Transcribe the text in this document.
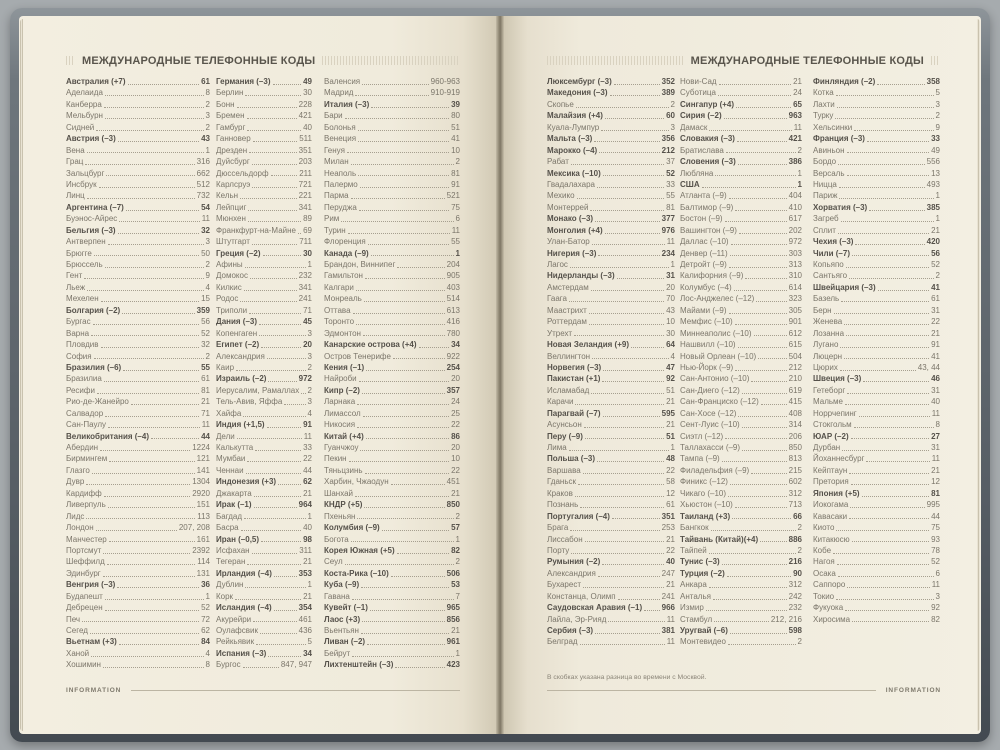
МЕЖДУНАРОДНЫЕ ТЕЛЕФОННЫЕ КОДЫ
Австралия (+7)	61
Аделаида	8
Канберра	2
Мельбурн	3
Сидней	2
Австрия (–3)	43
Вена	1
Грац	316
Зальцбург	662
Инсбрук	512
Линц	732
Аргентина (–7)	54
Буэнос-Айрес	11
Бельгия (–3)	32
Антверпен	3
Брюгге	50
Брюссель	2
Гент	9
Льеж	4
Мехелен	15
Болгария (–2)	359
Бургас	56
Варна	52
Пловдив	32
София	2
Бразилия (–6)	55
Бразилиа	61
Ресифи	81
Рио-де-Жанейро	21
Салвадор	71
Сан-Паулу	11
Великобритания (–4)	44
Абердин	1224
Бирмингем	121
Глазго	141
Дувр	1304
Кардифф	2920
Ливерпуль	151
Лидс	113
Лондон	207, 208
Манчестер	161
Портсмут	2392
Шеффилд	114
Эдинбург	131
Венгрия (–3)	36
Будапешт	1
Дебрецен	52
Печ	72
Сегед	62
Вьетнам (+3)	84
Ханой	4
Хошимин	8
Германия (–3)	49
Берлин	30
Бонн	228
Бремен	421
Гамбург	40
Ганновер	511
Дрезден	351
Дуйсбург	203
Дюссельдорф	211
Карлсруэ	721
Кельн	221
Лейпциг	341
Мюнхен	89
Франкфурт-на-Майне 69
Штутгарт	711
Греция (–2)	30
Афины	1
Домокос	232
Килкис	341
Родос	241
Триполи	71
Дания (–3)	45
Копенгаген	3
Египет (–2)	20
Александрия	3
Каир	2
Израиль (–2)	972
Иерусалим, Рамаллах 2
Тель-Авив, Яффа	3
Хайфа	4
Индия (+1,5)	91
Дели	11
Калькутта	33
Мумбаи	22
Ченнаи	44
Индонезия (+3)	62
Джакарта	21
Ирак (–1)	964
Багдад	1
Басра	40
Иран (–0,5)	98
Исфахан	311
Тегеран	21
Ирландия (–4)	353
Дублин	1
Корк	21
Исландия (–4)	354
Акурейри	461
Оулафсвик	436
Рейкьявик	5
Испания (–3)	34
Бургос	847, 947
Валенсия	960-963
Мадрид	910-919
Италия (–3)	39
Бари	80
Болонья	51
Венеция	41
Генуя	10
Милан	2
Неаполь	81
Палермо	91
Парма	521
Перуджа	75
Рим	6
Турин	11
Флоренция	55
Канада (–9)	1
Брандон, Виннипег	204
Гамильтон	905
Калгари	403
Монреаль	514
Оттава	613
Торонто	416
Эдмонтон	780
Канарские острова (+4)	34
Остров Тенерифе	922
Кения (–1)	254
Найроби	20
Кипр (–2)	357
Ларнака	24
Лимассол	25
Никосия	22
Китай (+4)	86
Гуанчжоу	20
Пекин	10
Тяньцзинь	22
Харбин, Чжаодун	451
Шанхай	21
КНДР (+5)	850
Пхеньян	2
Колумбия (–9)	57
Богота	1
Корея Южная (+5)	82
Сеул	2
Коста-Рика (–10)	506
Куба (–9)	53
Гавана	7
Кувейт (–1)	965
Лаос (+3)	856
Вьентьян	21
Ливан (–2)	961
Бейрут	1
Лихтенштейн (–3)	423
INFORMATION
МЕЖДУНАРОДНЫЕ ТЕЛЕФОННЫЕ КОДЫ
Люксембург (–3)	352
Македония (–3)	389
Скопье	2
Малайзия (+4)	60
Куала-Лумпур	3
Мальта (–3)	356
Марокко (–4)	212
Рабат	37
Мексика (–10)	52
Гвадалахара	33
Мехико	55
Монтеррей	81
Монако (–3)	377
Монголия (+4)	976
Улан-Батор	11
Нигерия (–3)	234
Лагос	1
Нидерланды (–3)	31
Амстердам	20
Гаага	70
Маастрихт	43
Роттердам	10
Утрехт	30
Новая Зеландия (+9)	64
Веллингтон	4
Норвегия (–3)	47
Пакистан (+1)	92
Исламабад	51
Карачи	21
Парагвай (–7)	595
Асунсьон	21
Перу (–9)	51
Лима	1
Польша (–3)	48
Варшава	22
Гданьск	58
Краков	12
Познань	61
Португалия (–4)	351
Брага	253
Лиссабон	21
Порту	22
Румыния (–2)	40
Александрия	247
Бухарест	21
Констанца, Олимп	241
Саудовская Аравия (–1) 966
Лайла, Эр-Рияд	11
Сербия (–3)	381
Белград	11
Нови-Сад	21
Суботица	24
Сингапур (+4)	65
Сирия (–2)	963
Дамаск	11
Словакия (–3)	421
Братислава	2
Словения (–3)	386
Любляна	1
США	1
Атланта (–9)	404
Балтимор (–9)	410
Бостон (–9)	617
Вашингтон (–9)	202
Даллас (–10)	972
Денвер (–11)	303
Детройт (–9)	313
Калифорния (–9)	310
Колумбус (–4)	614
Лос-Анджелес (–12)	323
Майами (–9)	305
Мемфис (–10)	901
Миннеаполис (–10)	612
Нашвилл (–10)	615
Новый Орлеан (–10)	504
Нью-Йорк (–9)	212
Сан-Антонио (–10)	210
Сан-Диего (–12)	619
Сан-Франциско (–12)	415
Сан-Хосе (–12)	408
Сент-Луис (–10)	314
Сиэтл (–12)	206
Таллахасси (–9)	850
Тампа (–9)	813
Филадельфия (–9)	215
Финикс (–12)	602
Чикаго (–10)	312
Хьюстон (–10)	713
Таиланд (+3)	66
Бангкок	2
Тайвань (Китай)(+4)	886
Тайпей	2
Тунис (–3)	216
Турция (–2)	90
Анкара	312
Анталья	242
Измир	232
Стамбул	212, 216
Уругвай (–6)	598
Монтевидео	2
Финляндия (–2)	358
Котка	5
Лахти	3
Турку	2
Хельсинки	9
Франция (–3)	33
Авиньон	49
Бордо	556
Версаль	13
Ницца	493
Париж	1
Хорватия (–3)	385
Загреб	1
Сплит	21
Чехия (–3)	420
Чили (–7)	56
Копьяпо	52
Сантьяго	2
Швейцария (–3)	41
Базель	61
Берн	31
Женева	22
Лозанна	21
Лугано	91
Люцерн	41
Цюрих	43, 44
Швеция (–3)	46
Гетеборг	31
Мальме	40
Норрчепинг	11
Стокгольм	8
ЮАР (–2)	27
Дурбан	31
Йоханнесбург	11
Кейптаун	21
Претория	12
Япония (+5)	81
Иокогама	995
Кавасаки	44
Киото	75
Китакюсю	93
Кобе	78
Нагоя	52
Осака	6
Саппоро	11
Токио	3
Фукуока	92
Хиросима	82
В скобках указана разница во времени с Москвой.
INFORMATION
